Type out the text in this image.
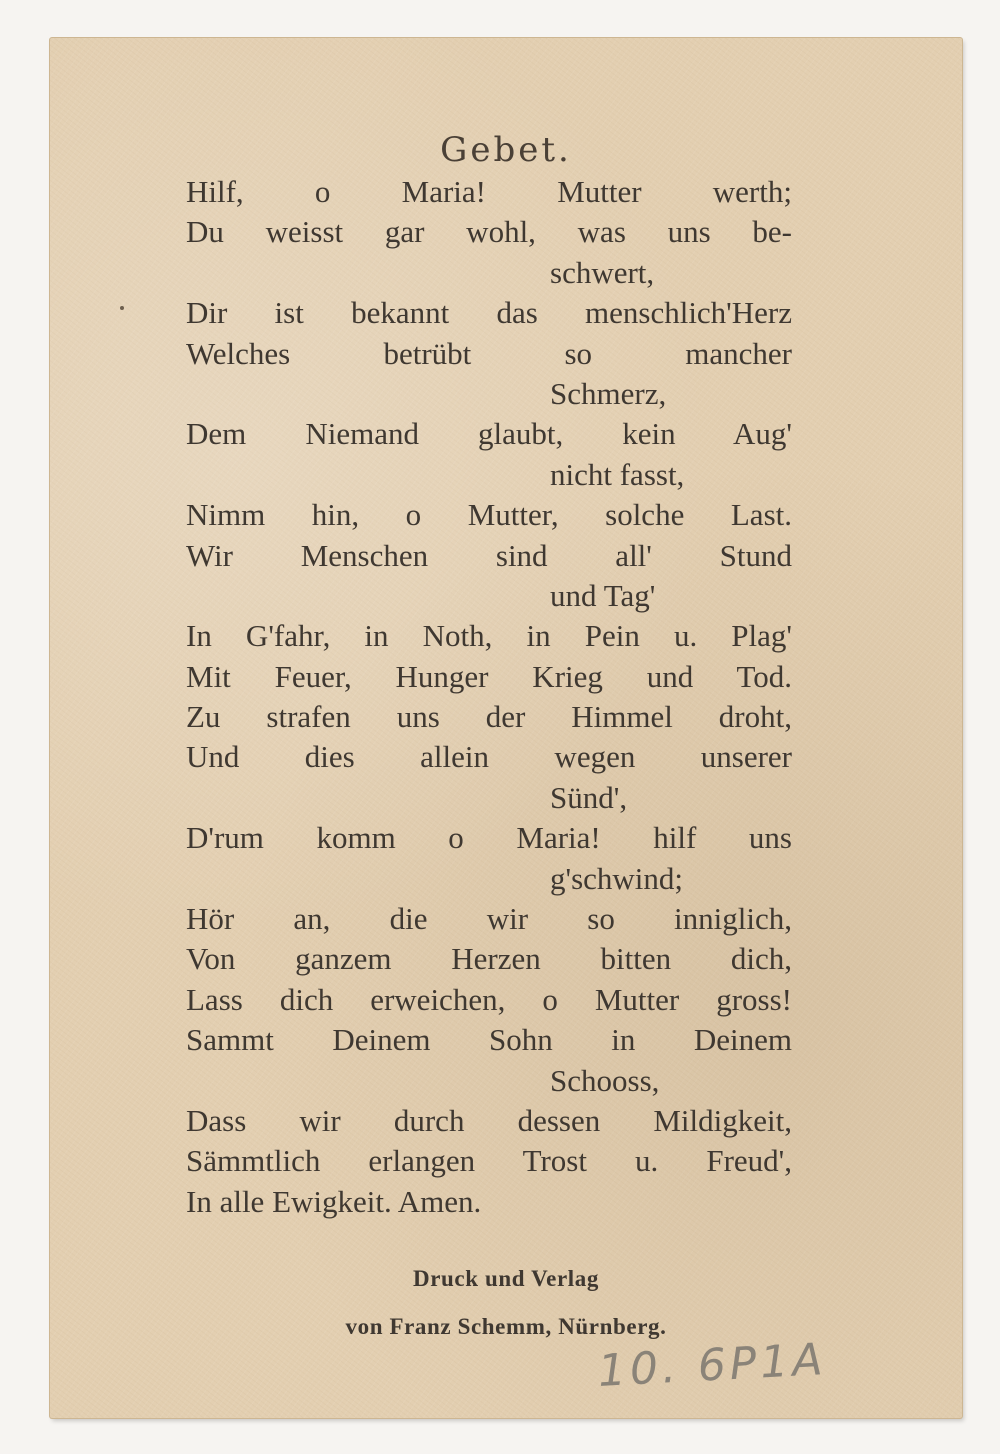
Gebet.
Hilf, o Maria! Mutter werth;
Du weisst gar wohl, was uns be-
schwert,
Dir ist bekannt das menschlich'Herz
Welches betrübt so mancher
Schmerz,
Dem Niemand glaubt, kein Aug'
nicht fasst,
Nimm hin, o Mutter, solche Last.
Wir Menschen sind all' Stund
und Tag'
In G'fahr, in Noth, in Pein u. Plag'
Mit Feuer, Hunger Krieg und Tod.
Zu strafen uns der Himmel droht,
Und dies allein wegen unserer
Sünd',
D'rum komm o Maria! hilf uns
g'schwind;
Hör an, die wir so inniglich,
Von ganzem Herzen bitten dich,
Lass dich erweichen, o Mutter gross!
Sammt Deinem Sohn in Deinem
Schooss,
Dass wir durch dessen Mildigkeit,
Sämmtlich erlangen Trost u. Freud',
In alle Ewigkeit. Amen.

Druck und Verlag

von Franz Schemm, Nürnberg.

10. 6P1A
